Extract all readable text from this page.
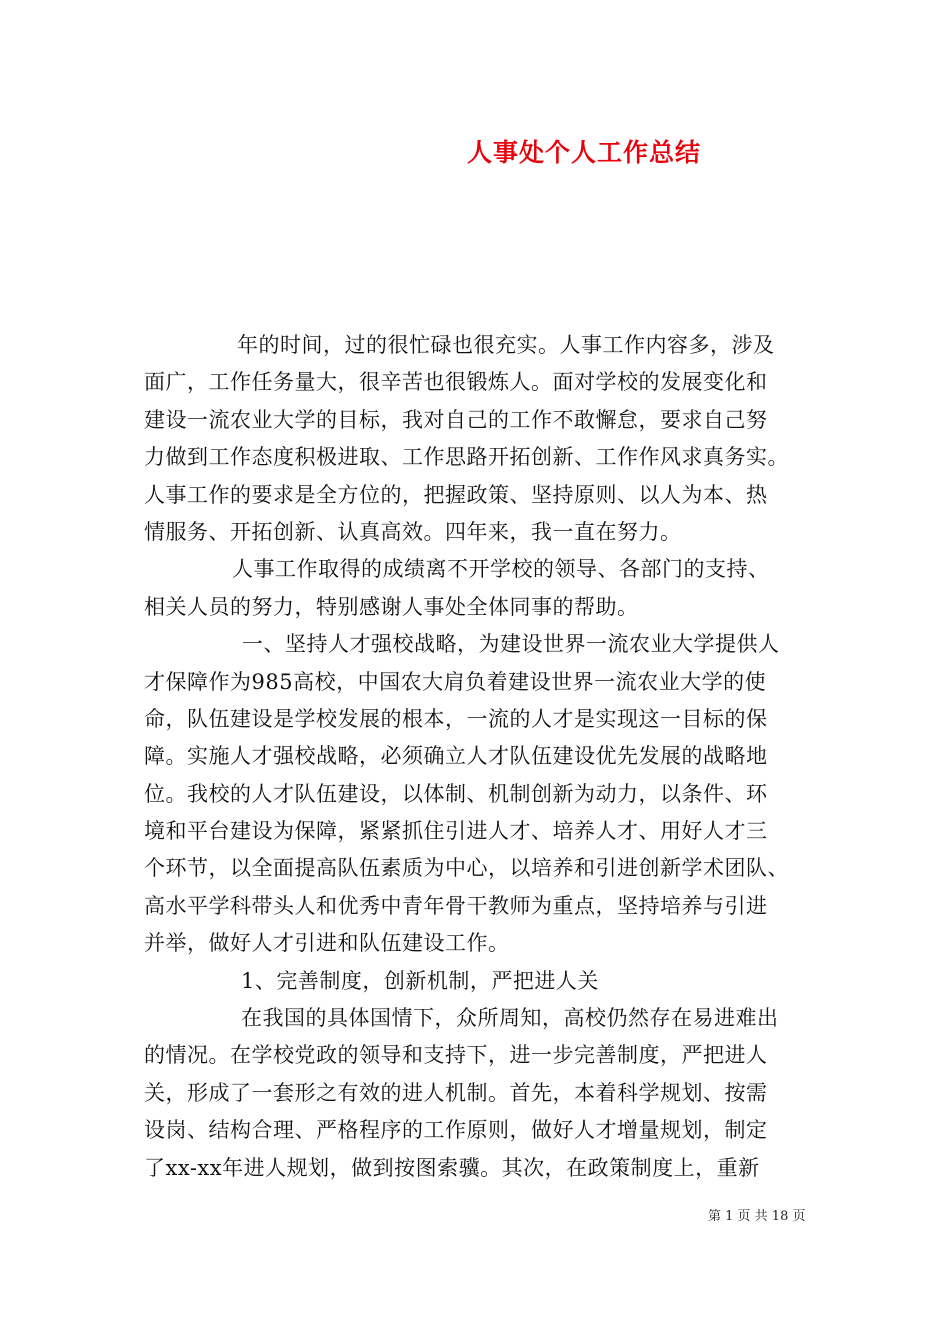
人事处个人工作总结
年的时间，过的很忙碌也很充实。人事工作内容多，涉及
面广，工作任务量大，很辛苦也很锻炼人。面对学校的发展变化和
建设一流农业大学的目标，我对自己的工作不敢懈怠，要求自己努
力做到工作态度积极进取、工作思路开拓创新、工作作风求真务实。
人事工作的要求是全方位的，把握政策、坚持原则、以人为本、热
情服务、开拓创新、认真高效。四年来，我一直在努力。
人事工作取得的成绩离不开学校的领导、各部门的支持、
相关人员的努力，特别感谢人事处全体同事的帮助。
一、坚持人才强校战略，为建设世界一流农业大学提供人
才保障作为985高校，中国农大肩负着建设世界一流农业大学的使
命，队伍建设是学校发展的根本，一流的人才是实现这一目标的保
障。实施人才强校战略，必须确立人才队伍建设优先发展的战略地
位。我校的人才队伍建设，以体制、机制创新为动力，以条件、环
境和平台建设为保障，紧紧抓住引进人才、培养人才、用好人才三
个环节，以全面提高队伍素质为中心，以培养和引进创新学术团队、
高水平学科带头人和优秀中青年骨干教师为重点，坚持培养与引进
并举，做好人才引进和队伍建设工作。
1、完善制度，创新机制，严把进人关
在我国的具体国情下，众所周知，高校仍然存在易进难出
的情况。在学校党政的领导和支持下，进一步完善制度，严把进人
关，形成了一套形之有效的进人机制。首先，本着科学规划、按需
设岗、结构合理、严格程序的工作原则，做好人才增量规划，制定
了xx-xx年进人规划，做到按图索骥。其次，在政策制度上，重新
第 1 页 共 18 页
